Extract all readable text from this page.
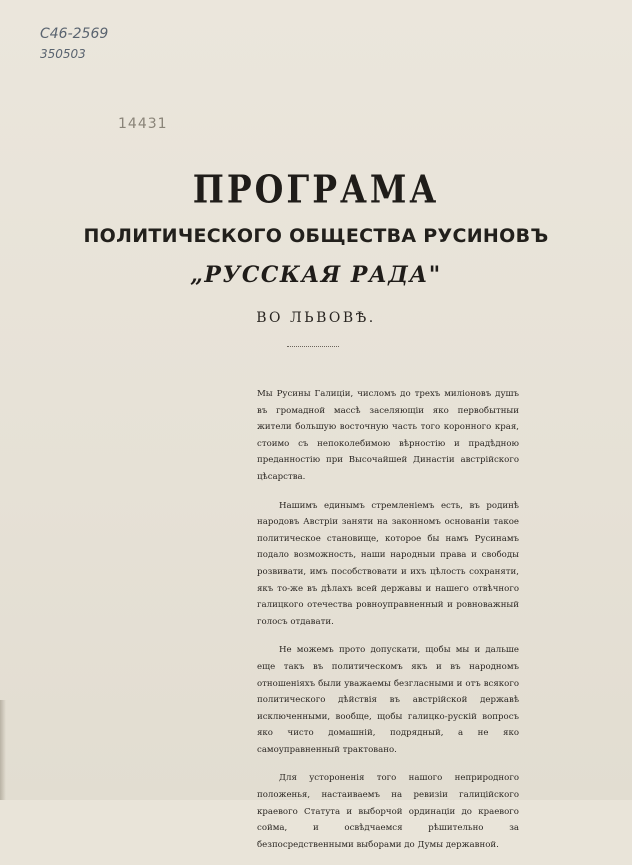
С46-2569
350503
14431
ПРОГРАМА
ПОЛИТИЧЕСКОГО ОБЩЕСТВА РУСИНОВЪ
„РУССКАЯ РАДА"
ВО ЛЬВОВѢ.

Мы Русины Галиціи, числомъ до трехъ милiоновъ душъ въ громадной массѣ заселяющiи яко первобытныи жители большую восточную часть того коронного края, стоимо съ непоколебимою вѣрностiю и прадѣдною преданностiю при Высочайшей Династiи австрiйского цѣсарства.

Нашимъ единымъ стремленiемъ есть, въ родинѣ народовъ Австрiи заняти на законномъ основанiи такое политическое становище, которое бы намъ Русинамъ подало возможность, наши народныи права и свободы розвивати, имъ пособствовати и ихъ цѣлость сохраняти, якъ то-же въ дѣлахъ всей державы и нашего отвѣчного галицкого отечества ровноуправненный и ровноважный голосъ отдавати.

Не можемъ прото допускати, щобы мы и дальше еще такъ въ политическомъ якъ и въ народномъ отношенiяхъ были уважаемы безгласными и отъ всякого политического дѣйствiя въ австрiйской державѣ исключенными, вообще, щобы галицко-рускiй вопросъ яко чисто домашнiй, подрядный, а не яко самоуправненный трактовано.

Для устороненiя того нашого неприродного положенья, настаиваемъ на ревизiи галицiйского краевого Статута и выборчой ординацiи до краевого сойма, и освѣдчаемся рѣшительно за безпосредственными выборами до Думы державной.
